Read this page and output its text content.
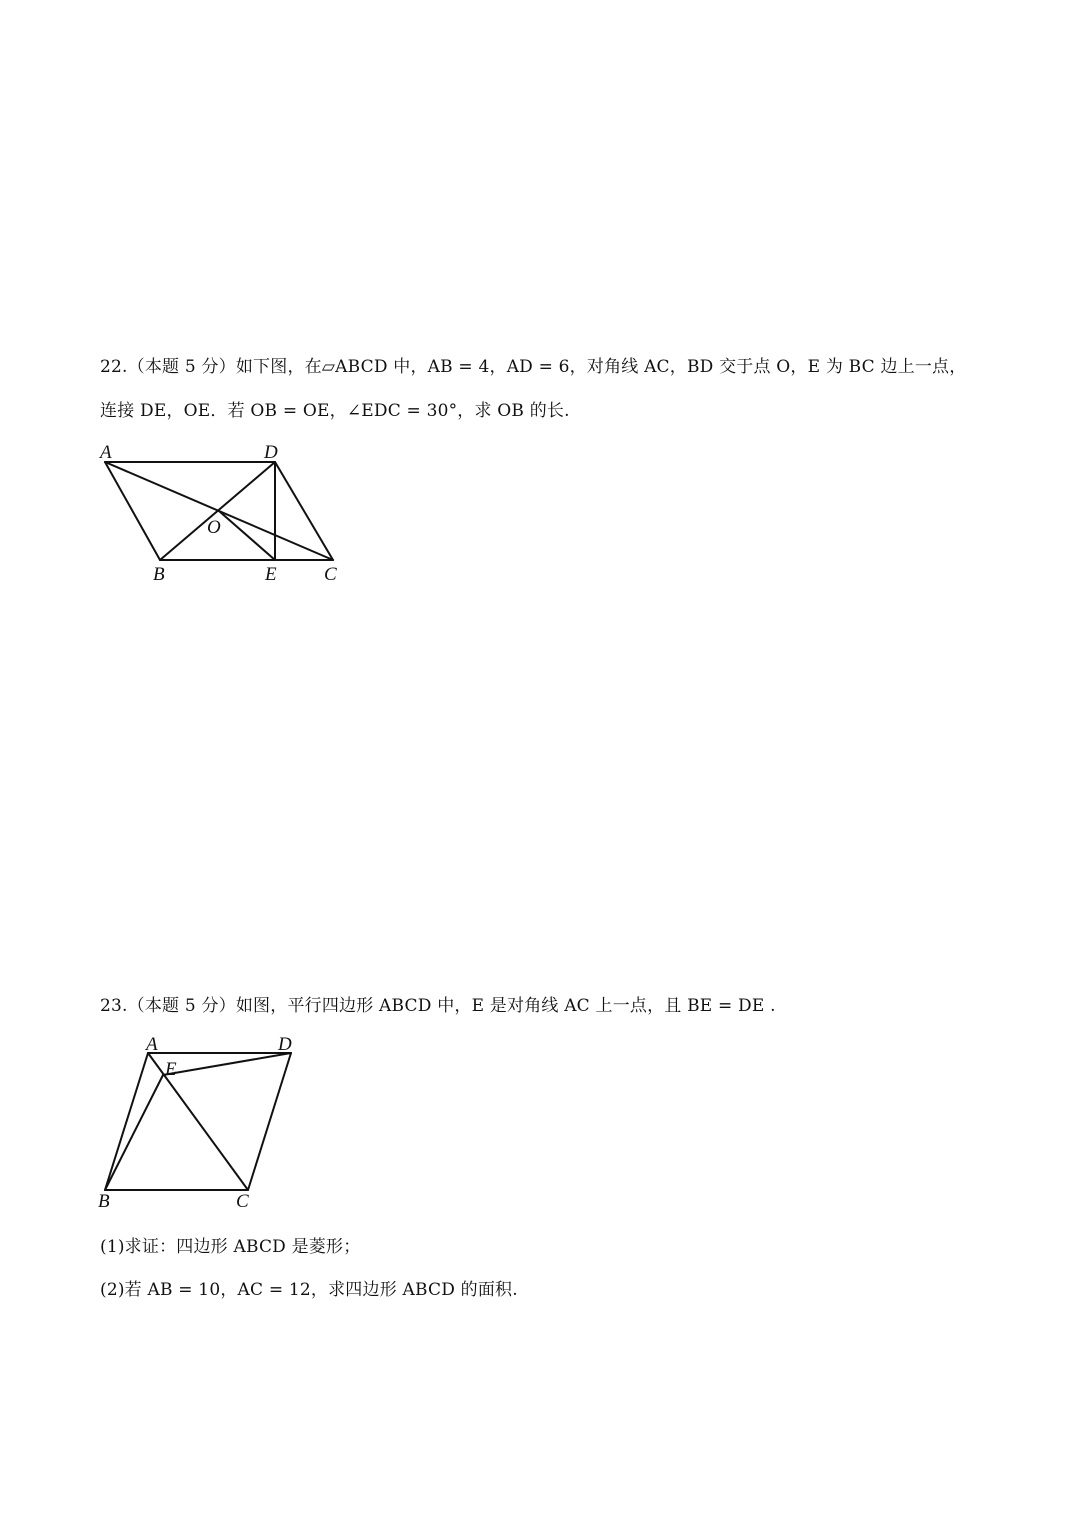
22.（本题 5 分）如下图，在▱ABCD 中，AB = 4，AD = 6，对角线 AC，BD 交于点 O，E 为 BC 边上一点，
连接 DE，OE．若 OB = OE，∠EDC = 30°，求 OB 的长.
A	D
O
B	E C
23.（本题 5 分）如图，平行四边形 ABCD 中，E 是对角线 AC 上一点，且 BE = DE .
A	D
E
B	C
(1)求证：四边形 ABCD 是菱形；
(2)若 AB = 10，AC = 12，求四边形 ABCD 的面积.
